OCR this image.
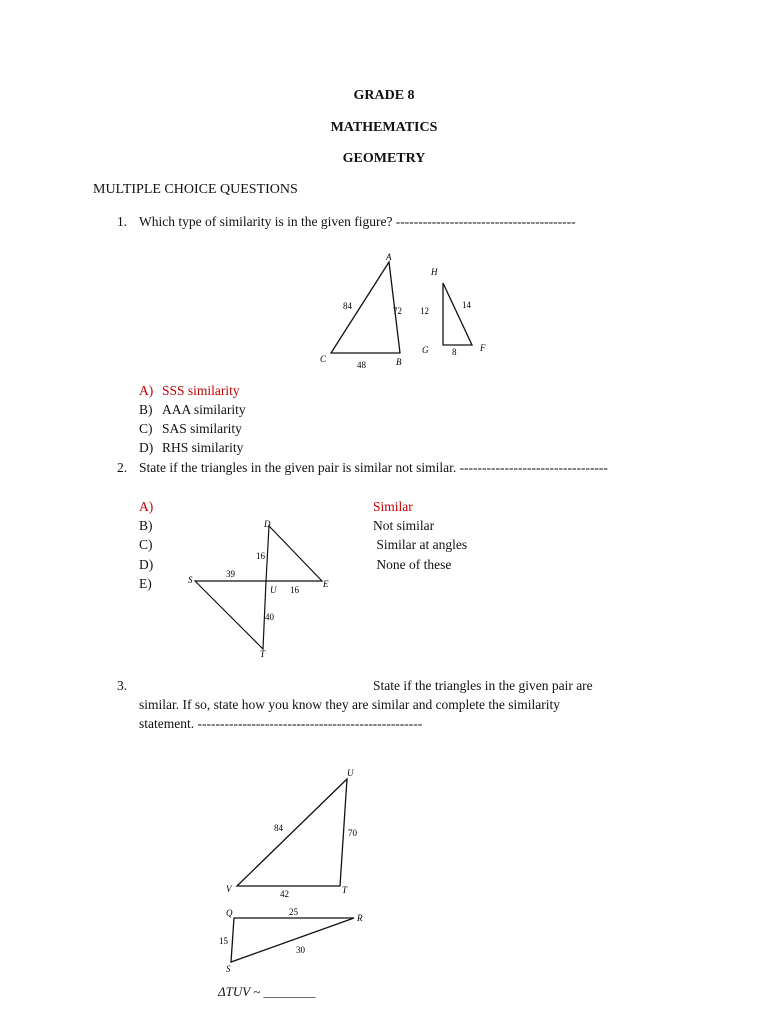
GRADE 8
MATHEMATICS
GEOMETRY
MULTIPLE CHOICE QUESTIONS
1. Which type of similarity is in the given figure? ----------------------------------------
A
B
C
H
G	F
84	72
48
12
14
8
A) SSS similarity
B) AAA similarity
C) SAS similarity
D) RHS similarity
2. State if the triangles in the given pair is similar not similar. ---------------------------------
A)
B)
C)
D)
E)
Similar
Not similar
Similar at angles
None of these
D
S
U
E
T
16
39
16
40
3.	State if the triangles in the given pair are
similar. If so, state how you know they are similar and complete the similarity
statement. --------------------------------------------------
U
V	T
84	70
42
Q	R
S
25
15
30
ΔTUV ~ ________
